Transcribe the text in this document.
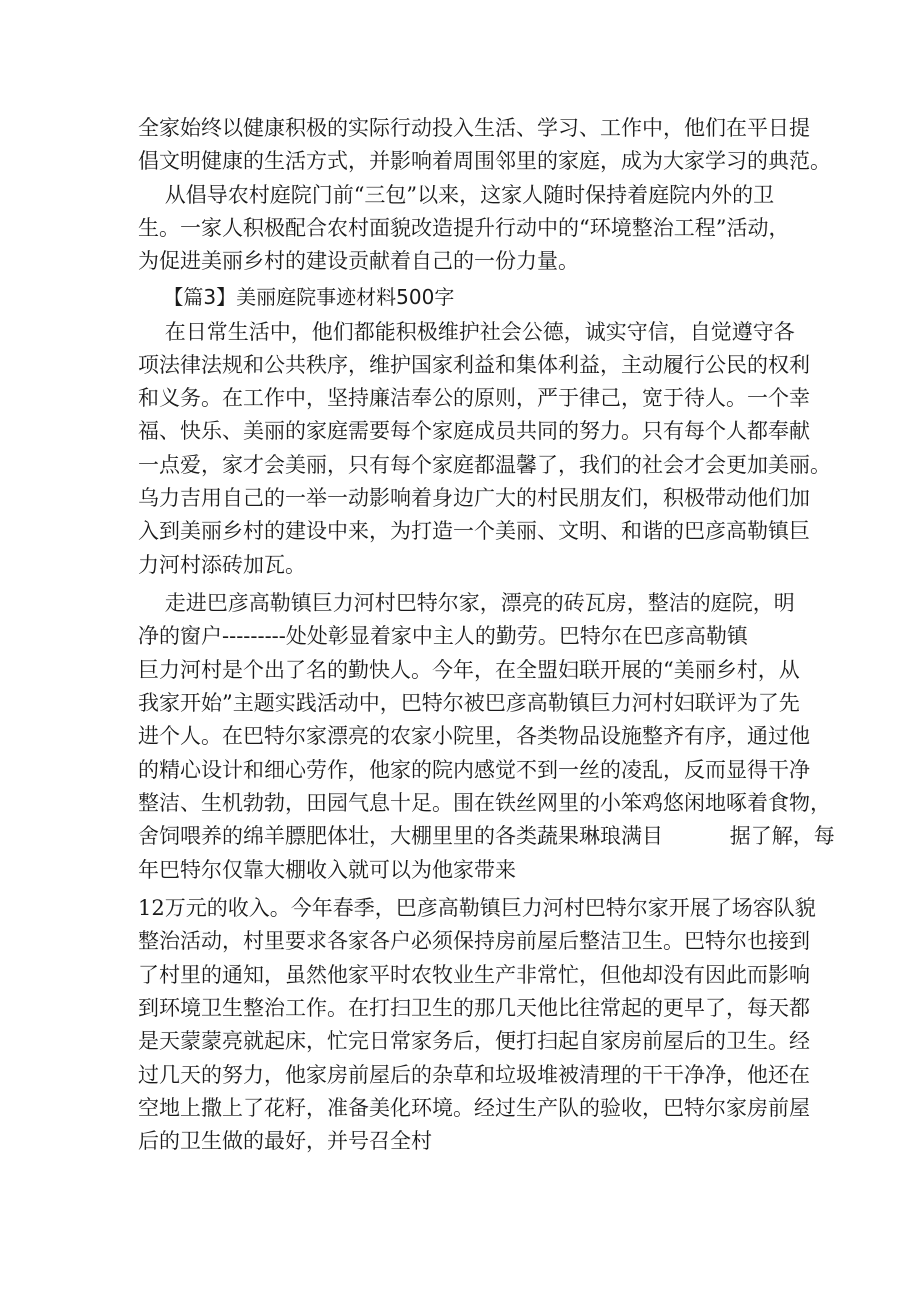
全家始终以健康积极的实际行动投入生活、学习、工作中，他们在平日提
倡文明健康的生活方式，并影响着周围邻里的家庭，成为大家学习的典范。
从倡导农村庭院门前“三包”以来，这家人随时保持着庭院内外的卫
生。一家人积极配合农村面貌改造提升行动中的“环境整治工程”活动，
为促进美丽乡村的建设贡献着自己的一份力量。
【篇3】美丽庭院事迹材料500字
在日常生活中，他们都能积极维护社会公德，诚实守信，自觉遵守各
项法律法规和公共秩序，维护国家利益和集体利益，主动履行公民的权利
和义务。在工作中，坚持廉洁奉公的原则，严于律己，宽于待人。一个幸
福、快乐、美丽的家庭需要每个家庭成员共同的努力。只有每个人都奉献
一点爱，家才会美丽，只有每个家庭都温馨了，我们的社会才会更加美丽。
乌力吉用自己的一举一动影响着身边广大的村民朋友们，积极带动他们加
入到美丽乡村的建设中来，为打造一个美丽、文明、和谐的巴彦高勒镇巨
力河村添砖加瓦。
走进巴彦高勒镇巨力河村巴特尔家，漂亮的砖瓦房，整洁的庭院，明
净的窗户---------处处彰显着家中主人的勤劳。巴特尔在巴彦高勒镇
巨力河村是个出了名的勤快人。今年，在全盟妇联开展的“美丽乡村，从
我家开始”主题实践活动中，巴特尔被巴彦高勒镇巨力河村妇联评为了先
进个人。在巴特尔家漂亮的农家小院里，各类物品设施整齐有序，通过他
的精心设计和细心劳作，他家的院内感觉不到一丝的凌乱，反而显得干净
整洁、生机勃勃，田园气息十足。围在铁丝网里的小笨鸡悠闲地啄着食物，
舍饲喂养的绵羊膘肥体壮，大棚里里的各类蔬果琳琅满目          据了解，每
年巴特尔仅靠大棚收入就可以为他家带来
12万元的收入。今年春季，巴彦高勒镇巨力河村巴特尔家开展了场容队貌
整治活动，村里要求各家各户必须保持房前屋后整洁卫生。巴特尔也接到
了村里的通知，虽然他家平时农牧业生产非常忙，但他却没有因此而影响
到环境卫生整治工作。在打扫卫生的那几天他比往常起的更早了，每天都
是天蒙蒙亮就起床，忙完日常家务后，便打扫起自家房前屋后的卫生。经
过几天的努力，他家房前屋后的杂草和垃圾堆被清理的干干净净，他还在
空地上撒上了花籽，准备美化环境。经过生产队的验收，巴特尔家房前屋
后的卫生做的最好，并号召全村
